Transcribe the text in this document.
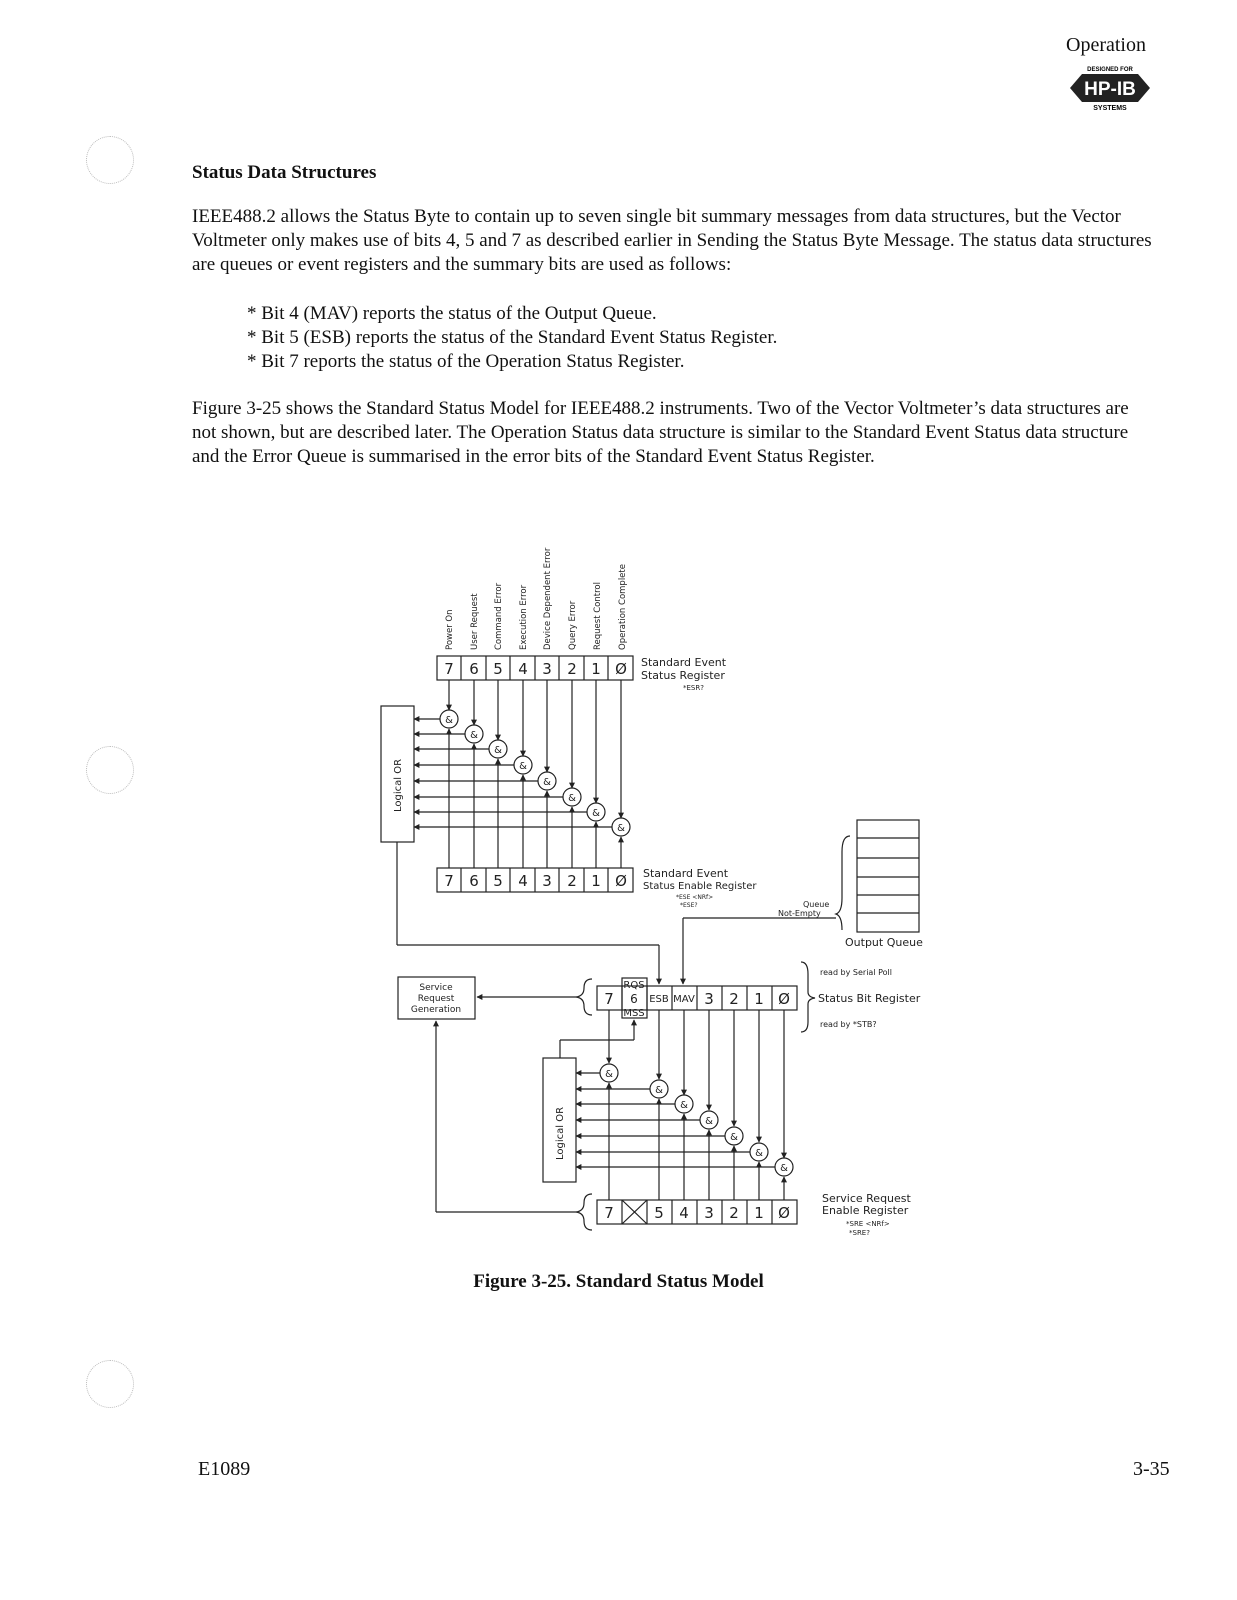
Operation
DESIGNED FOR
HP-IB
SYSTEMS
Status Data Structures
IEEE488.2 allows the Status Byte to contain up to seven single bit summary messages from data structures, but the Vector Voltmeter only makes use of bits 4, 5 and 7 as described earlier in Sending the Status Byte Message. The status data structures are queues or event registers and the summary bits are used as follows:
* Bit 4 (MAV) reports the status of the Output Queue.
* Bit 5 (ESB) reports the status of the Standard Event Status Register.
* Bit 7 reports the status of the Operation Status Register.
Figure 3-25 shows the Standard Status Model for IEEE488.2 instruments. Two of the Vector Voltmeter’s data structures are not shown, but are described later. The Operation Status data structure is similar to the Standard Event Status data structure and the Error Queue is summarised in the error bits of the Standard Event Status Register.
Power On User Request Command Error Execution Error Device Dependent Error Query Error Request Control Operation Complete
7 6 5 4 3 2 1 Ø Standard Event
Status Register
*ESR?
Logical OR
&
&
&
&
&
&
&
&
7 6 5 4 3 2 1 Ø Standard Event
Status Enable Register
*ESE <NRf>
*ESE?
Output Queue
Queue
Not-Empty
Service
Request
Generation
7 6 ESB MAV 3 2 1 Ø
RQS
MSS
read by Serial Poll
Status Bit Register
read by *STB?
Logical OR
&
&
&
&
&
&
&
7	5 4 3 2 1 Ø
Service Request
Enable Register
*SRE <NRf>
*SRE?
Figure 3-25. Standard Status Model
E1089	3-35
